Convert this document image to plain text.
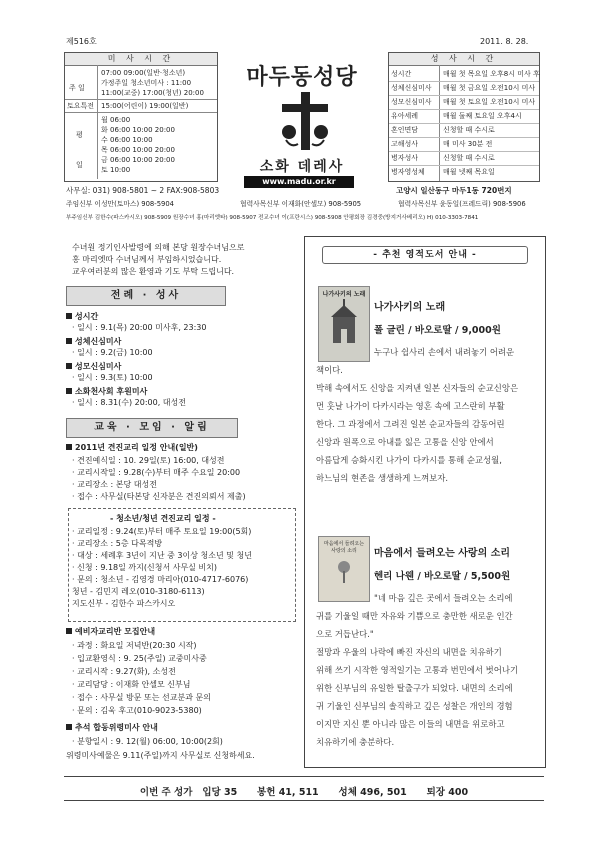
제516호	2011. 8. 28.
미 사 시 간
주 일
07:00 09:00(일반·청소년)
가정주일 청소년미사 : 11:00
11:00(교중) 17:00(청년) 20:00
토요특전 15:00(어린이) 19:00(일반)
평
일
월 06:00
화 06:00 10:00 20:00
수 06:00 10:00
목 06:00 10:00 20:00
금 06:00 10:00 20:00
토 10:00
마두동성당
소화 데레사
www.madu.or.kr
성 사 시 간
성시간	매월 첫 목요일 오후8시 미사 후
성체신심미사 매월 첫 금요일 오전10시 미사
성모신심미사 매월 첫 토요일 오전10시 미사
유아세례	매월 둘째 토요일 오후4시
혼인면담	신청할 때 수시로
고해성사	매 미사 30분 전
병자성사	신청할 때 수시로
병자영성체	매월 넷째 목요일
사무실: 031) 908-5801 ~ 2 FAX:908-5803	고양시 일산동구 마두1동 720번지
주임신부 이성만(토마스) 908-5904	협력사목신부 이재화(안셀모) 908-5905	협력사목신부 윤동일(프레드릭) 908-5906
부주임신부 김한수(파스카시오) 908-5909 원장수녀 홍(마리엣타) 908-5907 전교수녀 이(프란시스) 908-5908 안평회장 김경중(방지거사베리오) H) 010-3303-7841
수녀원 정기인사발령에 의해 본당 원장수녀님으로
홍 마리엣따 수녀님께서 부임하시었습니다.
교우여러분의 많은 환영과 기도 부탁 드립니다.
전례 · 성사
성시간
· 일시 : 9.1(목) 20:00 미사후, 23:30
성체신심미사
· 일시 : 9.2(금) 10:00
성모신심미사
· 일시 : 9.3(토) 10:00
소화천사회 후원미사
· 일시 : 8.31(수) 20:00, 대성전
교육 · 모임 · 알림
2011년 견진교리 일정 안내(일반)
· 견진예식일 : 10. 29일(토) 16:00, 대성전
· 교리시작일 : 9.28(수)부터 매주 수요일 20:00
· 교리장소 : 본당 대성전
· 접수 : 사무실(타본당 신자분은 견진의뢰서 제출)
- 청소년/청년 견진교리 일정 -
· 교리일정 : 9.24(토)부터 매주 토요일 19:00(5회)
· 교리장소 : 5층 다목적방
· 대상 : 세례후 3년이 지난 중 3이상 청소년 및 청년
· 신청 : 9.18일 까지(신청서 사무실 비치)
· 문의 : 청소년 - 김영경 마리아(010-4717-6076)
청년 - 김민지 레오(010-3180-6113)
지도신부 - 김한수 파스카시오
예비자교리반 모집안내
· 과정 : 화요일 저녁반(20:30 시작)
· 입교환영식 : 9. 25(주일) 교중미사중
· 교리시작 : 9.27(화), 소성전
· 교리담당 : 이재화 안셀모 신부님
· 접수 : 사무실 방문 또는 선교분과 문의
· 문의 : 김욱 후고(010-9023-5380)
추석 합동위령미사 안내
· 분향일시 : 9. 12(월) 06:00, 10:00(2회)
위령미사예물은 9.11(주일)까지 사무실로 신청하세요.
- 추천 영적도서 안내 -
나가사키의 노래
나가사키의 노래
폴 글린 / 바오로딸 / 9,000원
누구나 쉽사리 손에서 내려놓기 어려운
책이다.
박해 속에서도 신앙을 지켜낸 일본 신자들의 순교신앙은
먼 훗날 나가이 다카시라는 영혼 속에 고스란히 부활
한다. 그 과정에서 그려진 일본 순교자들의 감동어린
신앙과 원폭으로 아내를 잃은 고통을 신앙 안에서
아름답게 승화시킨 나가이 다카시를 통해 순교성월,
하느님의 현존을 생생하게 느껴보자.
마음에서 들려오는 사랑의 소리	마음에서 들려오는 사랑의 소리
헨리 나웬 / 바오로딸 / 5,500원
"네 마음 깊은 곳에서 들려오는 소리에
귀를 기울일 때만 자유와 기쁨으로 충만한 새로운 인간
으로 거듭난다."
절망과 우울의 나락에 빠진 자신의 내면을 치유하기
위해 쓰기 시작한 영적일기는 고통과 번민에서 벗어나기
위한 신부님의 유일한 탈출구가 되었다. 내면의 소리에
귀 기울인 신부님의 솔직하고 깊은 성찰은 개인의 경험
이지만 지신 뿐 아니라 많은 이들의 내면을 위로하고
치유하기에 충분하다.
이번 주 성가   입당 35      봉헌 41, 511      성체 496, 501      퇴장 400
